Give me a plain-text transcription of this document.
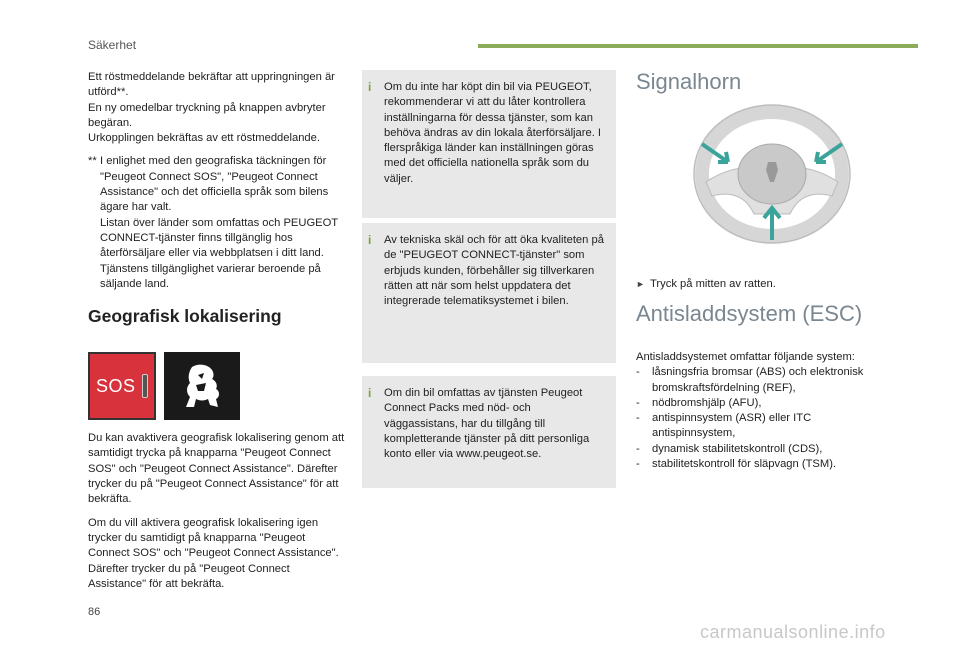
Säkerhet
Ett röstmeddelande bekräftar att uppringningen är utförd**.
En ny omedelbar tryckning på knappen avbryter begäran.
Urkopplingen bekräftas av ett röstmeddelande.
** I enlighet med den geografiska täckningen för "Peugeot Connect SOS", "Peugeot Connect Assistance" och det officiella språk som bilens ägare har valt.
Listan över länder som omfattas och PEUGEOT CONNECT-tjänster finns tillgänglig hos återförsäljare eller via webbplatsen i ditt land. Tjänstens tillgänglighet varierar beroende på säljande land.
Geografisk lokalisering
SOS
Du kan avaktivera geografisk lokalisering genom att samtidigt trycka på knapparna "Peugeot Connect SOS" och "Peugeot Connect Assistance". Därefter trycker du på "Peugeot Connect Assistance" för att bekräfta.
Om du vill aktivera geografisk lokalisering igen trycker du samtidigt på knapparna "Peugeot Connect SOS" och "Peugeot Connect Assistance". Därefter trycker du på "Peugeot Connect Assistance" för att bekräfta.
i Om du inte har köpt din bil via PEUGEOT, rekommenderar vi att du låter kontrollera inställningarna för dessa tjänster, som kan behöva ändras av din lokala återförsäljare. I flerspråkiga länder kan inställningen göras med det officiella nationella språk som du väljer.
i Av tekniska skäl och för att öka kvaliteten på de "PEUGEOT CONNECT-tjänster" som erbjuds kunden, förbehåller sig tillverkaren rätten att när som helst uppdatera det integrerade telematiksystemet i bilen.
i Om din bil omfattas av tjänsten Peugeot Connect Packs med nöd- och väggassistans, har du tillgång till kompletterande tjänster på ditt personliga konto eller via www.peugeot.se.
Signalhorn
► Tryck på mitten av ratten.
Antisladdsystem (ESC)
Antisladdsystemet omfattar följande system:
-	låsningsfria bromsar (ABS) och elektronisk bromskraftsfördelning (REF),
-	nödbromshjälp (AFU),
-	antispinnsystem (ASR) eller ITC antispinnsystem,
-	dynamisk stabilitetskontroll (CDS),
-	stabilitetskontroll för släpvagn (TSM).
86
carmanualsonline.info
